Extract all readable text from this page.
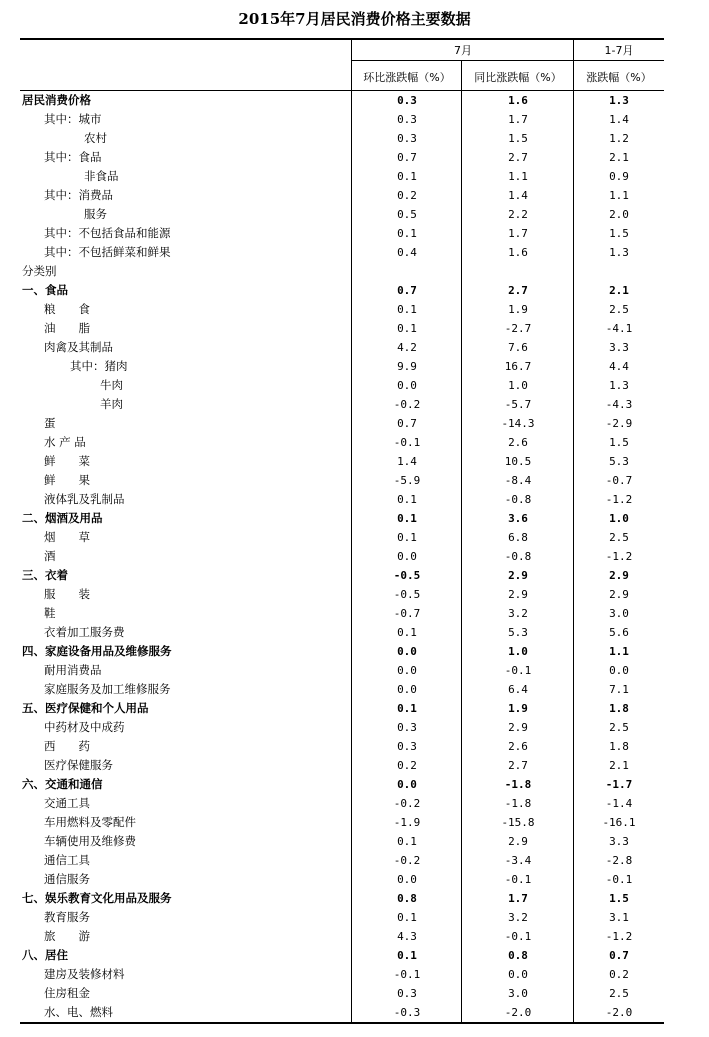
2015年7月居民消费价格主要数据
7月	1-7月
环比涨跌幅（%）	同比涨跌幅（%）	涨跌幅（%）
居民消费价格	0.3	1.6	1.3
其中：城市	0.3	1.7	1.4
农村	0.3	1.5	1.2
其中：食品	0.7	2.7	2.1
非食品	0.1	1.1	0.9
其中：消费品	0.2	1.4	1.1
服务	0.5	2.2	2.0
其中：不包括食品和能源	0.1	1.7	1.5
其中：不包括鲜菜和鲜果	0.4	1.6	1.3
分类别
一、食品	0.7	2.7	2.1
粮　　食	0.1	1.9	2.5
油　　脂	0.1	-2.7	-4.1
肉禽及其制品	4.2	7.6	3.3
其中：猪肉	9.9	16.7	4.4
牛肉	0.0	1.0	1.3
羊肉	-0.2	-5.7	-4.3
蛋	0.7	-14.3	-2.9
水 产 品	-0.1	2.6	1.5
鲜　　菜	1.4	10.5	5.3
鲜　　果	-5.9	-8.4	-0.7
液体乳及乳制品	0.1	-0.8	-1.2
二、烟酒及用品	0.1	3.6	1.0
烟　　草	0.1	6.8	2.5
酒	0.0	-0.8	-1.2
三、衣着	-0.5	2.9	2.9
服　　装	-0.5	2.9	2.9
鞋	-0.7	3.2	3.0
衣着加工服务费	0.1	5.3	5.6
四、家庭设备用品及维修服务	0.0	1.0	1.1
耐用消费品	0.0	-0.1	0.0
家庭服务及加工维修服务	0.0	6.4	7.1
五、医疗保健和个人用品	0.1	1.9	1.8
中药材及中成药	0.3	2.9	2.5
西　　药	0.3	2.6	1.8
医疗保健服务	0.2	2.7	2.1
六、交通和通信	0.0	-1.8	-1.7
交通工具	-0.2	-1.8	-1.4
车用燃料及零配件	-1.9	-15.8	-16.1
车辆使用及维修费	0.1	2.9	3.3
通信工具	-0.2	-3.4	-2.8
通信服务	0.0	-0.1	-0.1
七、娱乐教育文化用品及服务	0.8	1.7	1.5
教育服务	0.1	3.2	3.1
旅　　游	4.3	-0.1	-1.2
八、居住	0.1	0.8	0.7
建房及装修材料	-0.1	0.0	0.2
住房租金	0.3	3.0	2.5
水、电、燃料	-0.3	-2.0	-2.0
